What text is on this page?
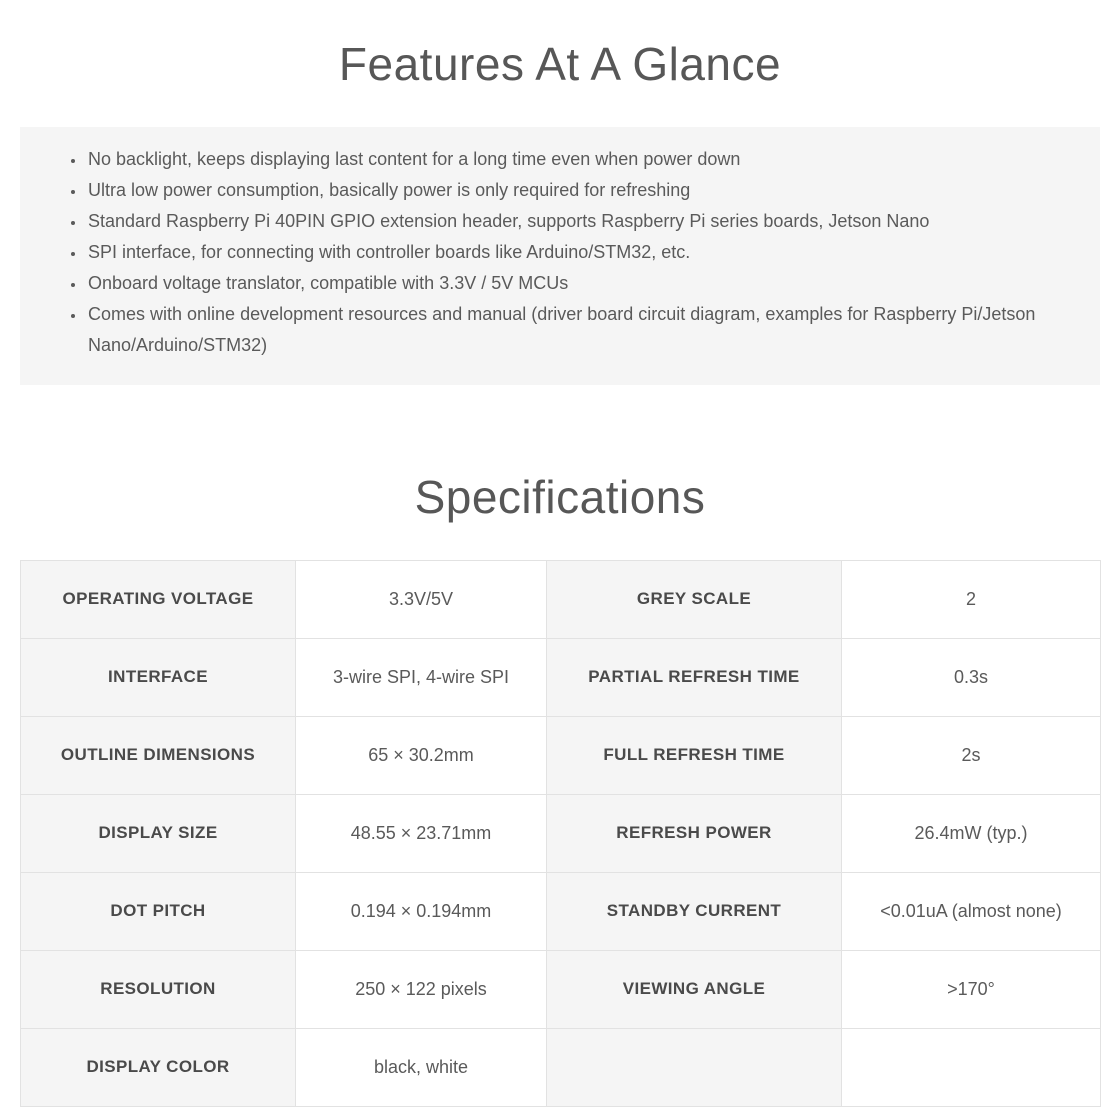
Features At A Glance
• No backlight, keeps displaying last content for a long time even when power down
• Ultra low power consumption, basically power is only required for refreshing
• Standard Raspberry Pi 40PIN GPIO extension header, supports Raspberry Pi series boards, Jetson Nano
• SPI interface, for connecting with controller boards like Arduino/STM32, etc.
• Onboard voltage translator, compatible with 3.3V / 5V MCUs
• Comes with online development resources and manual (driver board circuit diagram, examples for Raspberry Pi/Jetson Nano/Arduino/STM32)
Specifications
OPERATING VOLTAGE	3.3V/5V	GREY SCALE	2
INTERFACE	3-wire SPI, 4-wire SPI	PARTIAL REFRESH TIME	0.3s
OUTLINE DIMENSIONS	65 × 30.2mm	FULL REFRESH TIME	2s
DISPLAY SIZE	48.55 × 23.71mm	REFRESH POWER	26.4mW (typ.)
DOT PITCH	0.194 × 0.194mm	STANDBY CURRENT	<0.01uA (almost none)
RESOLUTION	250 × 122 pixels	VIEWING ANGLE	>170°
DISPLAY COLOR	black, white		
